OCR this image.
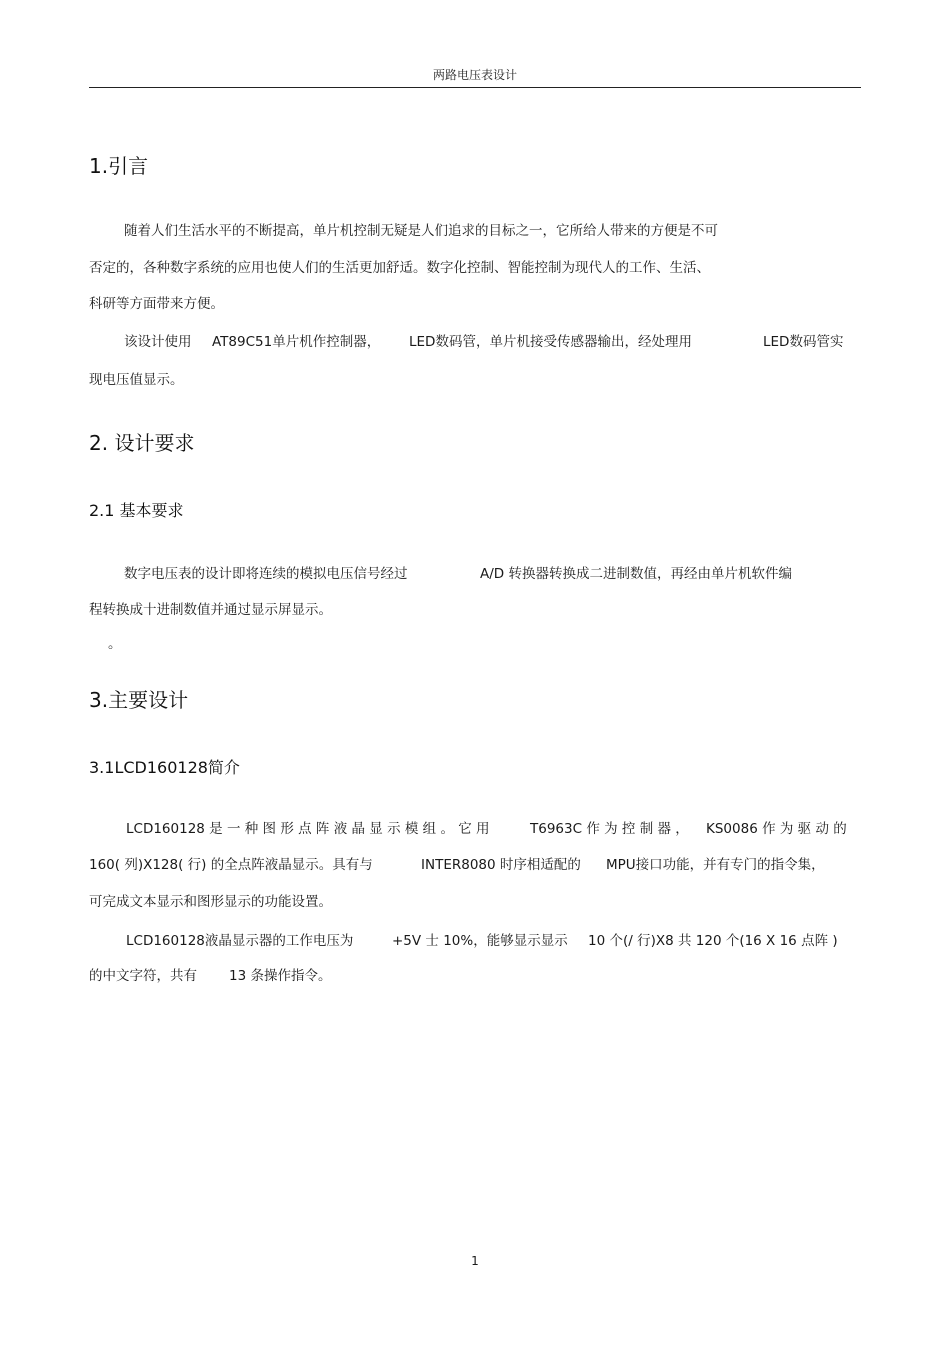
两路电压表设计
1.引言
随着人们生活水平的不断提高，单片机控制无疑是人们追求的目标之一，它所给人带来的方便是不可
否定的，各种数字系统的应用也使人们的生活更加舒适。数字化控制、智能控制为现代人的工作、生活、
科研等方面带来方便。
该设计使用 AT89C51单片机作控制器， LED数码管，单片机接受传感器输出，经处理用	LED数码管实
现电压值显示。
2. 设计要求
2.1 基本要求
数字电压表的设计即将连续的模拟电压信号经过	A/D 转换器转换成二进制数值，再经由单片机软件编
程转换成十进制数值并通过显示屏显示。
。
3.主要设计
3.1LCD160128简介
LCD160128 是 一 种 图 形 点 阵 液 晶 显 示 模 组 。 它 用	T6963C 作 为 控 制 器 ， KS0086 作 为 驱 动 的
160( 列)X128( 行) 的全点阵液晶显示。具有与	INTER8080 时序相适配的 MPU接口功能，并有专门的指令集，
可完成文本显示和图形显示的功能设置。
LCD160128液晶显示器的工作电压为	+5V 士 10%，能够显示显示 10 个(/ 行)X8 共 120 个(16 X 16 点阵 )
的中文字符，共有 13 条操作指令。
1
